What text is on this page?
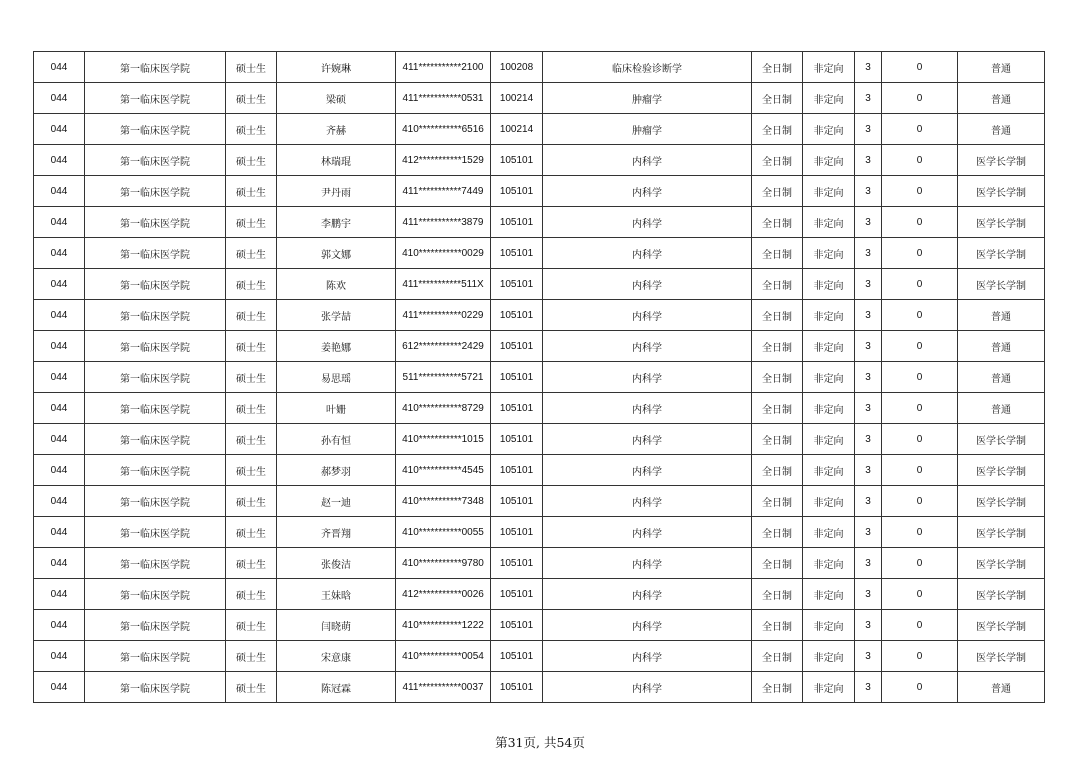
044	第一临床医学院	硕士生	许婉琳	411***********2100	100208	临床检验诊断学	全日制	非定向	3	0	普通
044	第一临床医学院	硕士生	梁硕	411***********0531	100214	肿瘤学	全日制	非定向	3	0	普通
044	第一临床医学院	硕士生	齐赫	410***********6516	100214	肿瘤学	全日制	非定向	3	0	普通
044	第一临床医学院	硕士生	林瑞琨	412***********1529	105101	内科学	全日制	非定向	3	0	医学长学制
044	第一临床医学院	硕士生	尹丹雨	411***********7449	105101	内科学	全日制	非定向	3	0	医学长学制
044	第一临床医学院	硕士生	李鹏宇	411***********3879	105101	内科学	全日制	非定向	3	0	医学长学制
044	第一临床医学院	硕士生	郭文娜	410***********0029	105101	内科学	全日制	非定向	3	0	医学长学制
044	第一临床医学院	硕士生	陈欢	411***********511X	105101	内科学	全日制	非定向	3	0	医学长学制
044	第一临床医学院	硕士生	张学喆	411***********0229	105101	内科学	全日制	非定向	3	0	普通
044	第一临床医学院	硕士生	姜艳娜	612***********2429	105101	内科学	全日制	非定向	3	0	普通
044	第一临床医学院	硕士生	易思瑶	511***********5721	105101	内科学	全日制	非定向	3	0	普通
044	第一临床医学院	硕士生	叶姗	410***********8729	105101	内科学	全日制	非定向	3	0	普通
044	第一临床医学院	硕士生	孙有恒	410***********1015	105101	内科学	全日制	非定向	3	0	医学长学制
044	第一临床医学院	硕士生	郝梦羽	410***********4545	105101	内科学	全日制	非定向	3	0	医学长学制
044	第一临床医学院	硕士生	赵一迪	410***********7348	105101	内科学	全日制	非定向	3	0	医学长学制
044	第一临床医学院	硕士生	齐晋翔	410***********0055	105101	内科学	全日制	非定向	3	0	医学长学制
044	第一临床医学院	硕士生	张俊洁	410***********9780	105101	内科学	全日制	非定向	3	0	医学长学制
044	第一临床医学院	硕士生	王妹晗	412***********0026	105101	内科学	全日制	非定向	3	0	医学长学制
044	第一临床医学院	硕士生	闫晓萌	410***********1222	105101	内科学	全日制	非定向	3	0	医学长学制
044	第一临床医学院	硕士生	宋意康	410***********0054	105101	内科学	全日制	非定向	3	0	医学长学制
044	第一临床医学院	硕士生	陈冠霖	411***********0037	105101	内科学	全日制	非定向	3	0	普通
第31页, 共54页
